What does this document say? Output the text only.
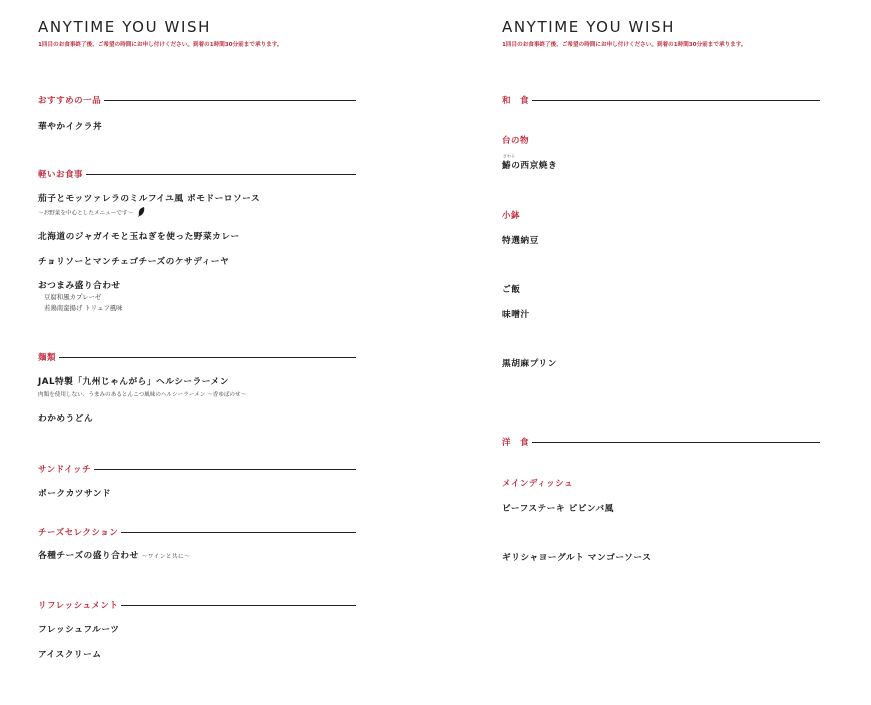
ANYTIME YOU WISH
1回目のお食事終了後、ご希望の時間にお申し付けください。到着の1時間30分前まで承ります。
おすすめの一品
華やかイクラ丼
軽いお食事
茄子とモッツァレラのミルフイユ風 ポモドーロソース
〜お野菜を中心としたメニューです〜
北海道のジャガイモと玉ねぎを使った野菜カレー
チョリソーとマンチェゴチーズのケサディーヤ
おつまみ盛り合わせ
豆腐和風カプレーゼ
若鶏南蛮揚げ トリュフ風味
麺類
JAL特製「九州じゃんがら」ヘルシーラーメン
肉類を使用しない、うまみのあるとんこつ風味のヘルシーラーメン 〜香ゆばのせ〜
わかめうどん
サンドイッチ
ポークカツサンド
チーズセレクション
各種チーズの盛り合わせ 〜ワインと共に〜
リフレッシュメント
フレッシュフルーツ
アイスクリーム
ANYTIME YOU WISH
1回目のお食事終了後、ご希望の時間にお申し付けください。到着の1時間30分前まで承ります。
和　食
台の物
さわら
鰆の西京焼き
小鉢
特選納豆
ご飯
味噌汁
黒胡麻プリン
洋　食
メインディッシュ
ビーフステーキ ピピンバ風
ギリシャヨーグルト マンゴーソース
